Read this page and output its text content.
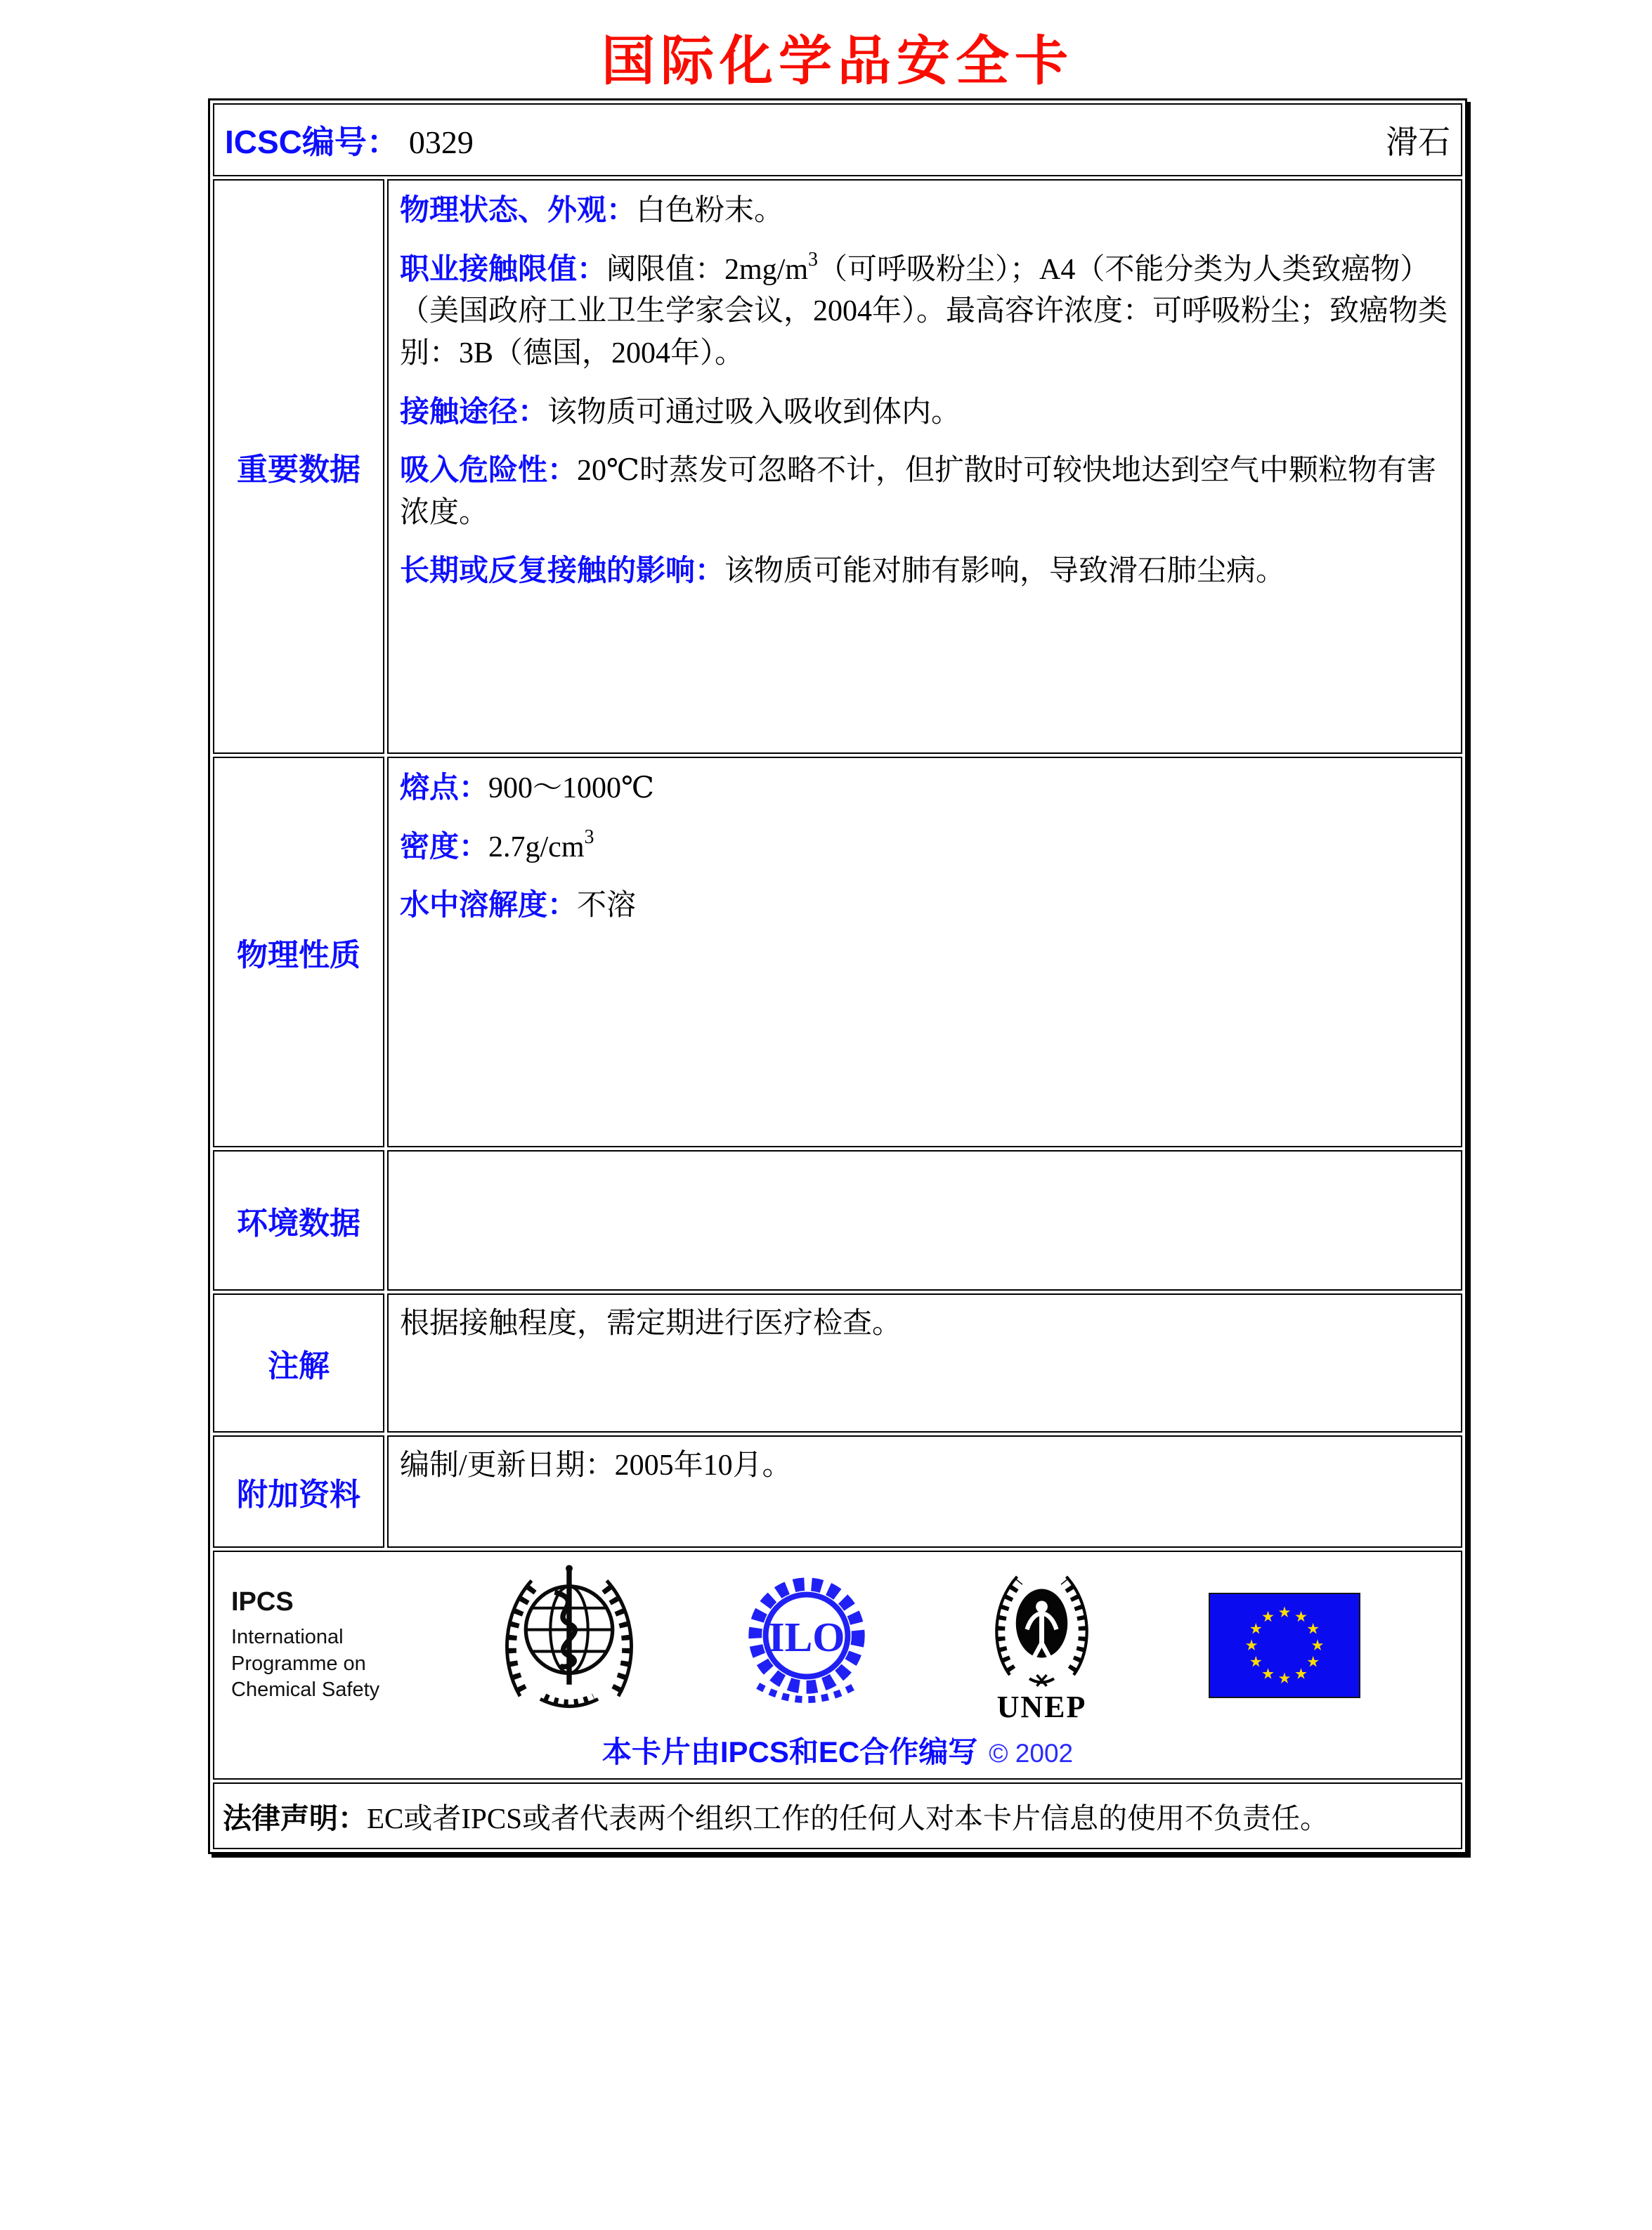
国际化学品安全卡
ICSC编号： 0329 滑石	

重要数据	物理状态、外观：白色粉末。

职业接触限值：阈限值：$2mg/m^3$（可呼吸粉尘）；A4（不能分类为人类致癌物）（美国政府工业卫生学家会议，2004年）。最高容许浓度：可呼吸粉尘；致癌物类别：3B（德国，2004年）。

接触途径：该物质可通过吸入吸收到体内。

吸入危险性：20℃时蒸发可忽略不计，但扩散时可较快地达到空气中颗粒物有害浓度。

长期或反复接触的影响：该物质可能对肺有影响，导致滑石肺尘病。

物理性质	熔点：900～1000℃

密度：$2.7g/cm^3$

水中溶解度：不溶

环境数据	
注解	根据接触程度，需定期进行医疗检查。
附加资料	编制/更新日期：2005年10月。

IPCS
International
Programme on
Chemical Safety
ILO
UNEP
本卡片由IPCS和EC合作编写 © 2002

法律声明：EC或者IPCS或者代表两个组织工作的任何人对本卡片信息的使用不负责任。	
